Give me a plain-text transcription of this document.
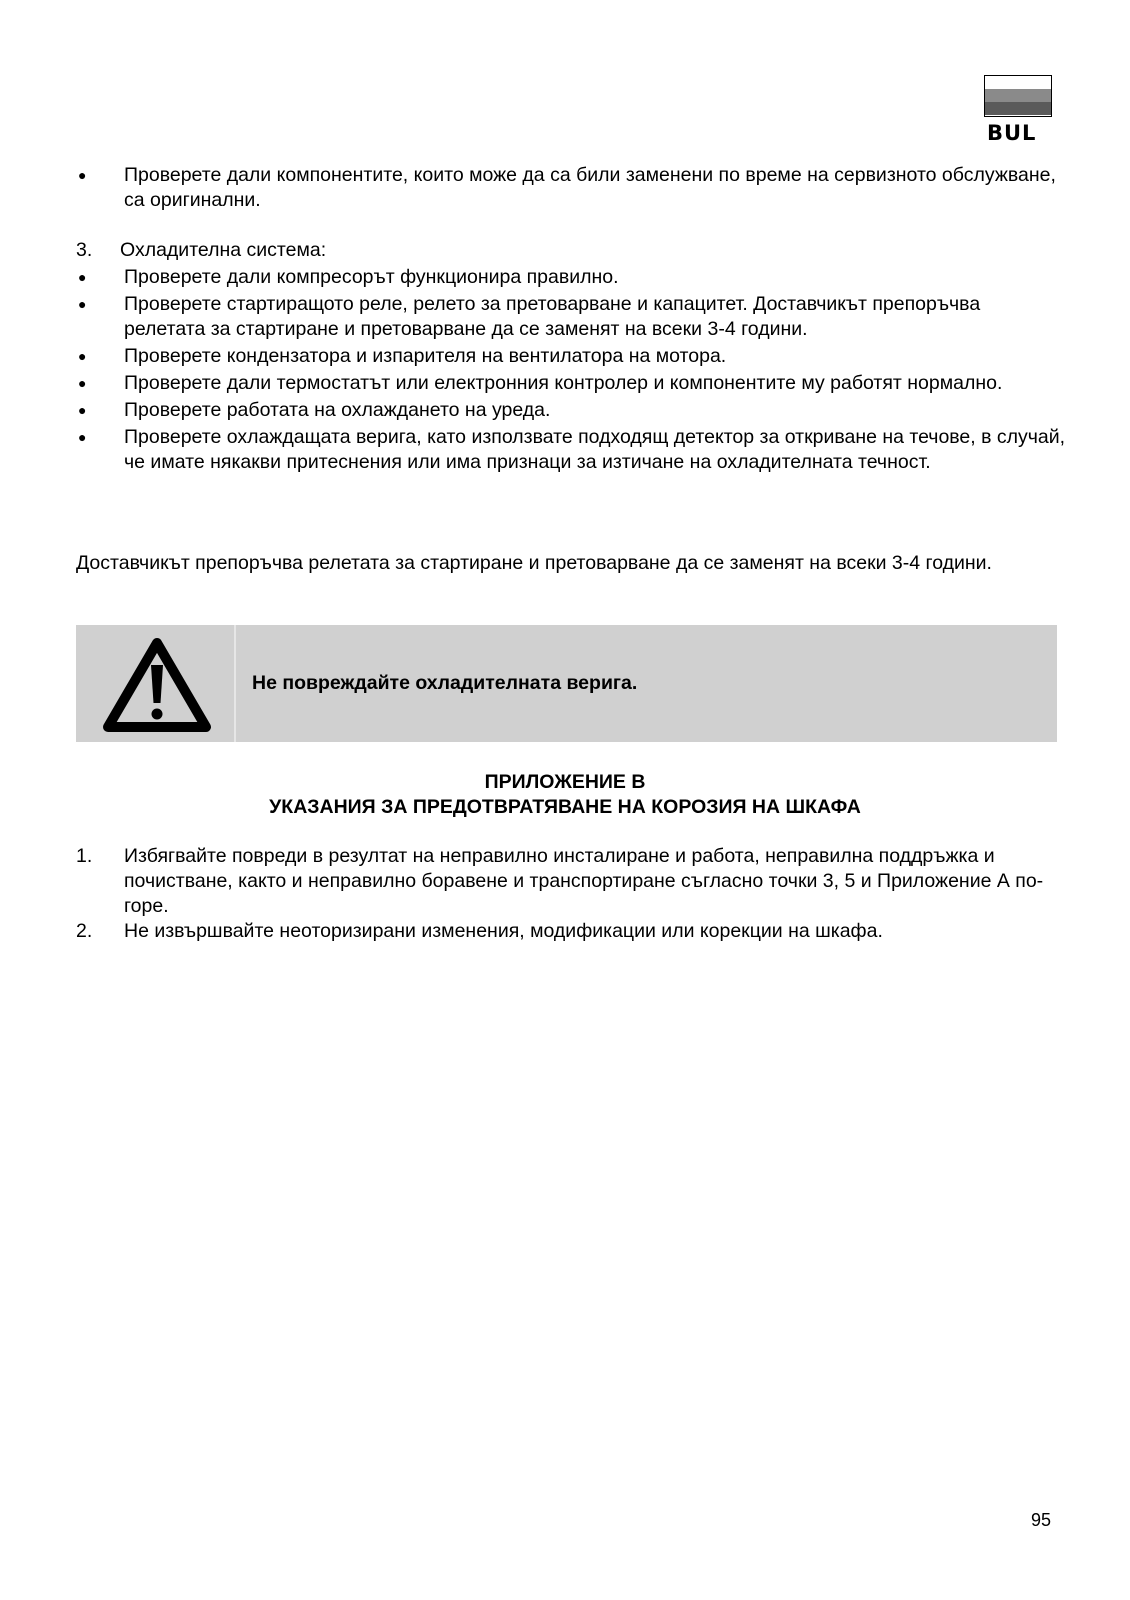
BUL
● Проверете дали компонентите, които може да са били заменени по време на сервизното обслужване, са оригинални.
3. Охладителна система:
● Проверете дали компресорът функционира правилно.
● Проверете стартиращото реле, релето за претоварване и капацитет. Доставчикът препоръчва релетата за стартиране и претоварване да се заменят на всеки 3-4 години.
● Проверете кондензатора и изпарителя на вентилатора на мотора.
● Проверете дали термостатът или електронния контролер и компонентите му работят нормално.
● Проверете работата на охлаждането на уреда.
● Проверете охлаждащата верига, като използвате подходящ детектор за откриване на течове, в случай, че имате някакви притеснения или има признаци за изтичане на охладителната течност.
Доставчикът препоръчва релетата за стартиране и претоварване да се заменят на всеки 3-4 години.
Не повреждайте охладителната верига.
ПРИЛОЖЕНИЕ B
УКАЗАНИЯ ЗА ПРЕДОТВРАТЯВАНЕ НА КОРОЗИЯ НА ШКАФА
1. Избягвайте повреди в резултат на неправилно инсталиране и работа, неправилна поддръжка и почистване, както и неправилно боравене и транспортиране съгласно точки 3, 5 и Приложение А по-горе.
2. Не извършвайте неоторизирани изменения, модификации или корекции на шкафа.
95
